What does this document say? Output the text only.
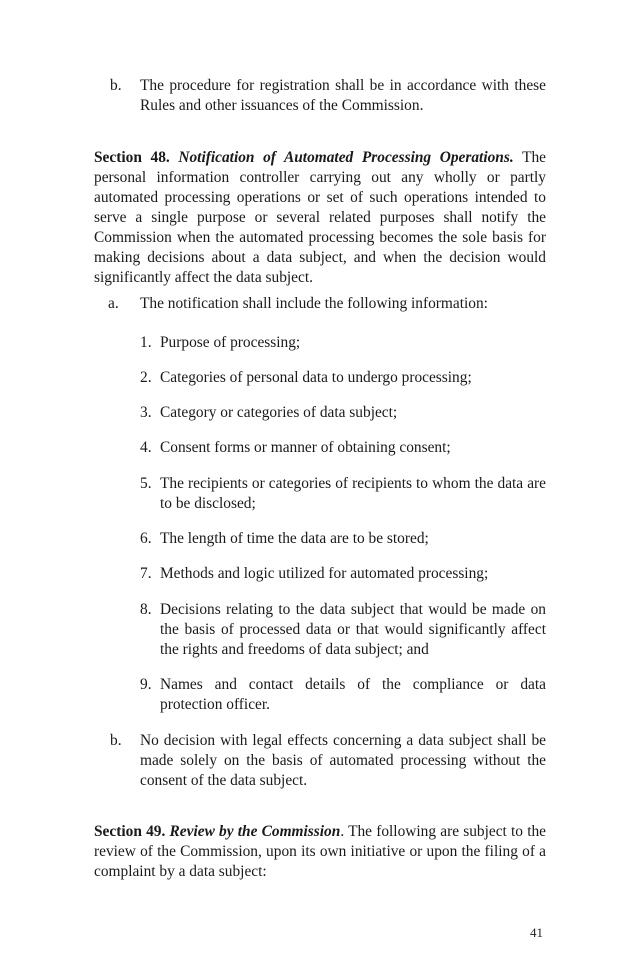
b. The procedure for registration shall be in accordance with these Rules and other issuances of the Commission.
Section 48. Notification of Automated Processing Operations. The personal information controller carrying out any wholly or partly automated processing operations or set of such operations intended to serve a single purpose or several related purposes shall notify the Commission when the automated processing becomes the sole basis for making decisions about a data subject, and when the decision would significantly affect the data subject.
a. The notification shall include the following information:
1. Purpose of processing;
2. Categories of personal data to undergo processing;
3. Category or categories of data subject;
4. Consent forms or manner of obtaining consent;
5. The recipients or categories of recipients to whom the data are to be disclosed;
6. The length of time the data are to be stored;
7. Methods and logic utilized for automated processing;
8. Decisions relating to the data subject that would be made on the basis of processed data or that would significantly affect the rights and freedoms of data subject; and
9. Names and contact details of the compliance or data protection officer.
b. No decision with legal effects concerning a data subject shall be made solely on the basis of automated processing without the consent of the data subject.
Section 49. Review by the Commission. The following are subject to the review of the Commission, upon its own initiative or upon the filing of a complaint by a data subject:
41
